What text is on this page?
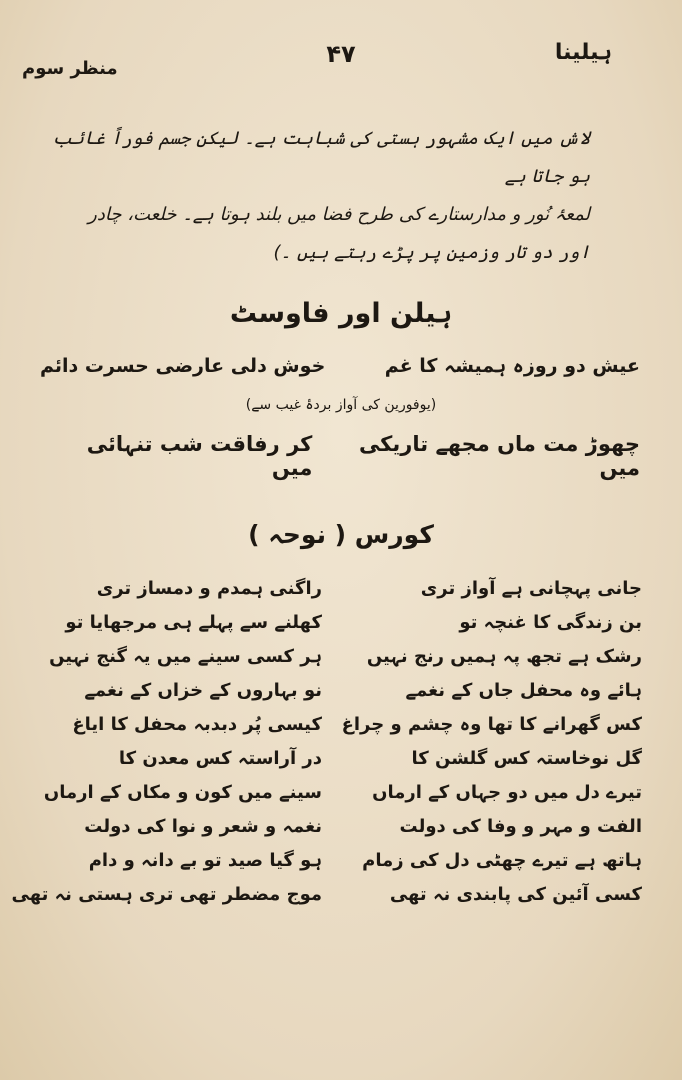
ہیلینا
۴۷
منظر سوم
لاش میں ایک مشہور ہستی کی شباہت ہے۔ لیکن جسم فوراً غائب ہو جاتا ہے
لمعۂ نُور و مدارستارے کی طرح فضا میں بلند ہوتا ہے۔ خلعت، چادر
اور دو تار وزمین پر پڑے رہتے ہیں ۔)
ہیلن اور فاوسٹ
عیش دو روزہ ہمیشہ کا غم
خوش دلی عارضی حسرت دائم
(یوفورین کی آواز بردۂ غیب سے)
چھوڑ مت ماں مجھے تاریکی میں
کر رفاقت شب تنہائی میں
کورس ( نوحہ )
جانی پہچانی ہے آواز تری
بن زندگی کا غنچہ تو
رشک ہے تجھ پہ ہمیں رنج نہیں
ہائے وہ محفل جاں کے نغمے
کس گھرانے کا تھا وہ چشم و چراغ
گل نوخاستہ کس گلشن کا
تیرے دل میں دو جہاں کے ارماں
الفت و مہر و وفا کی دولت
ہاتھ ہے تیرے چھٹی دل کی زمام
کسی آئین کی پابندی نہ تھی
راگنی ہمدم و دمساز تری
کھلنے سے پہلے ہی مرجھایا تو
ہر کسی سینے میں یہ گنج نہیں
نو بہاروں کے خزاں کے نغمے
کیسی پُر دبدبہ محفل کا ایاغ
در آراستہ کس معدن کا
سینے میں کون و مکاں کے ارماں
نغمہ و شعر و نوا کی دولت
ہو گیا صید تو بے دانہ و دام
موج مضطر تھی تری ہستی نہ تھی
